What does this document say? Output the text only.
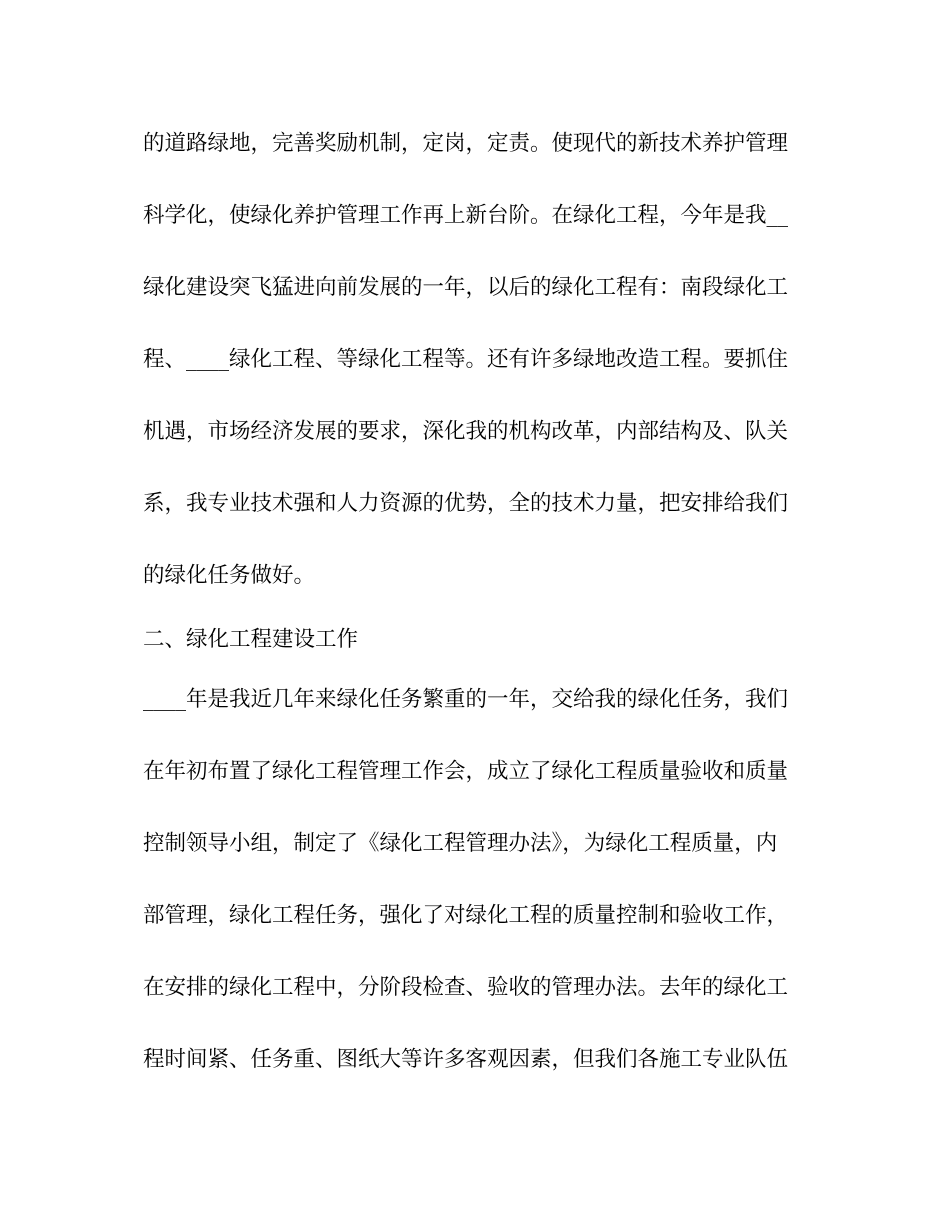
的道路绿地，完善奖励机制，定岗，定责。使现代的新技术养护管理
科学化，使绿化养护管理工作再上新台阶。在绿化工程，今年是我__
绿化建设突飞猛进向前发展的一年，以后的绿化工程有：南段绿化工
程、____绿化工程、等绿化工程等。还有许多绿地改造工程。要抓住
机遇，市场经济发展的要求，深化我的机构改革，内部结构及、队关
系，我专业技术强和人力资源的优势，全的技术力量，把安排给我们
的绿化任务做好。
二、绿化工程建设工作
____年是我近几年来绿化任务繁重的一年，交给我的绿化任务，我们
在年初布置了绿化工程管理工作会，成立了绿化工程质量验收和质量
控制领导小组，制定了《绿化工程管理办法》，为绿化工程质量，内
部管理，绿化工程任务，强化了对绿化工程的质量控制和验收工作，
在安排的绿化工程中，分阶段检查、验收的管理办法。去年的绿化工
程时间紧、任务重、图纸大等许多客观因素，但我们各施工专业队伍
